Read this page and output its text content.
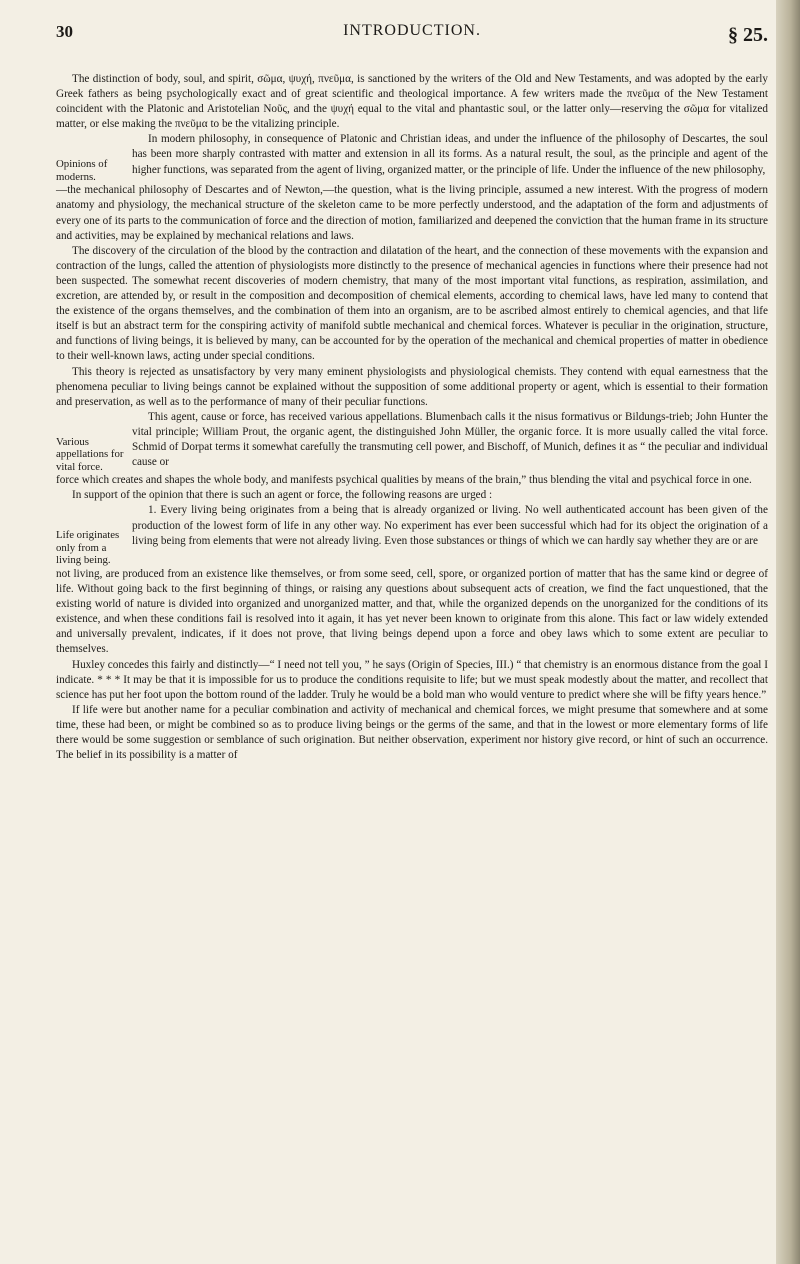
30	INTRODUCTION.	§ 25.

The distinction of body, soul, and spirit, σῶμα, ψυχή, πνεῦμα, is sanctioned by the writers of the Old and New Testaments, and was adopted by the early Greek fathers as being psychologically exact and of great scientific and theological importance. A few writers made the πνεῦμα of the New Testament coincident with the Platonic and Aristotelian Νοῦς, and the ψυχή equal to the vital and phantastic soul, or the latter only—reserving the σῶμα for vitalized matter, or else making the πνεῦμα to be the vitalizing principle.

Opinions of moderns.

In modern philosophy, in consequence of Platonic and Christian ideas, and under the influence of the philosophy of Descartes, the soul has been more sharply contrasted with matter and extension in all its forms. As a natural result, the soul, as the principle and agent of the higher functions, was separated from the agent of living, organized matter, or the principle of life. Under the influence of the new philosophy,

—the mechanical philosophy of Descartes and of Newton,—the question, what is the living principle, assumed a new interest. With the progress of modern anatomy and physiology, the mechanical structure of the skeleton came to be more perfectly understood, and the adaptation of the form and adjustments of every one of its parts to the communication of force and the direction of motion, familiarized and deepened the conviction that the human frame in its structure and activities, may be explained by mechanical relations and laws.

The discovery of the circulation of the blood by the contraction and dilatation of the heart, and the connection of these movements with the expansion and contraction of the lungs, called the attention of physiologists more distinctly to the presence of mechanical agencies in functions where their presence had not been suspected. The somewhat recent discoveries of modern chemistry, that many of the most important vital functions, as respiration, assimilation, and excretion, are attended by, or result in the composition and decomposition of chemical elements, according to chemical laws, have led many to contend that the existence of the organs themselves, and the combination of them into an organism, are to be ascribed almost entirely to chemical agencies, and that life itself is but an abstract term for the conspiring activity of manifold subtle mechanical and chemical forces. Whatever is peculiar in the origination, structure, and functions of living beings, it is believed by many, can be accounted for by the operation of the mechanical and chemical properties of matter in obedience to their well-known laws, acting under special conditions.

This theory is rejected as unsatisfactory by very many eminent physiologists and physiological chemists. They contend with equal earnestness that the phenomena peculiar to living beings cannot be explained without the supposition of some additional property or agent, which is essential to their formation and preservation, as well as to the performance of many of their peculiar functions.

Various appellations for vital force.

This agent, cause or force, has received various appellations. Blumenbach calls it the nisus formativus or Bildungs-trieb; John Hunter the vital principle; William Prout, the organic agent, the distinguished John Müller, the organic force. It is more usually called the vital force. Schmid of Dorpat terms it somewhat carefully the transmuting cell power, and Bischoff, of Munich, defines it as “ the peculiar and individual cause or

force which creates and shapes the whole body, and manifests psychical qualities by means of the brain,” thus blending the vital and psychical force in one.

In support of the opinion that there is such an agent or force, the following reasons are urged :

Life originates only from a living being.

1. Every living being originates from a being that is already organized or living. No well authenticated account has been given of the production of the lowest form of life in any other way. No experiment has ever been successful which had for its object the origination of a living being from elements that were not already living. Even those substances or things of which we can hardly say whether they are or are

not living, are produced from an existence like themselves, or from some seed, cell, spore, or organized portion of matter that has the same kind or degree of life. Without going back to the first beginning of things, or raising any questions about subsequent acts of creation, we find the fact unquestioned, that the existing world of nature is divided into organized and unorganized matter, and that, while the organized depends on the unorganized for the conditions of its existence, and when these conditions fail is resolved into it again, it has yet never been known to originate from this alone. This fact or law widely extended and universally prevalent, indicates, if it does not prove, that living beings depend upon a force and obey laws which to some extent are peculiar to themselves.

Huxley concedes this fairly and distinctly—“ I need not tell you, ” he says (Origin of Species, III.) “ that chemistry is an enormous distance from the goal I indicate. * * * It may be that it is impossible for us to produce the conditions requisite to life; but we must speak modestly about the matter, and recollect that science has put her foot upon the bottom round of the ladder. Truly he would be a bold man who would venture to predict where she will be fifty years hence.”

If life were but another name for a peculiar combination and activity of mechanical and chemical forces, we might presume that somewhere and at some time, these had been, or might be combined so as to produce living beings or the germs of the same, and that in the lowest or more elementary forms of life there would be some suggestion or semblance of such origination. But neither observation, experiment nor history give record, or hint of such an occurrence. The belief in its possibility is a matter of
